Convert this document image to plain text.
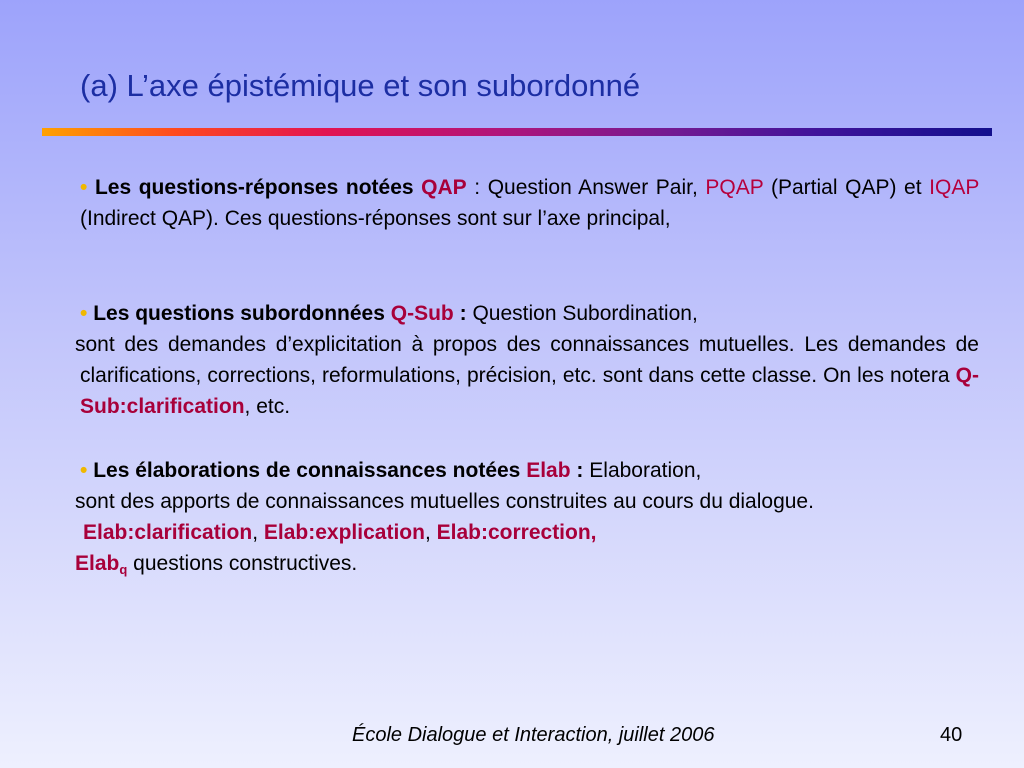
(a) L’axe épistémique et son subordonné
• Les questions-réponses notées QAP : Question Answer Pair, PQAP (Partial QAP) et IQAP (Indirect QAP). Ces questions-réponses sont sur l’axe principal,
• Les questions subordonnées Q-Sub : Question Subordination,
sont des demandes d’explicitation à propos des connaissances mutuelles. Les demandes de clarifications, corrections, reformulations, précision, etc. sont dans cette classe. On les notera Q-Sub:clarification, etc.
• Les élaborations de connaissances notées Elab : Elaboration,
sont des apports de connaissances mutuelles construites au cours du dialogue.
Elab:clarification, Elab:explication, Elab:correction,
Elab$_q$ questions constructives.
École Dialogue et Interaction, juillet 2006	40
